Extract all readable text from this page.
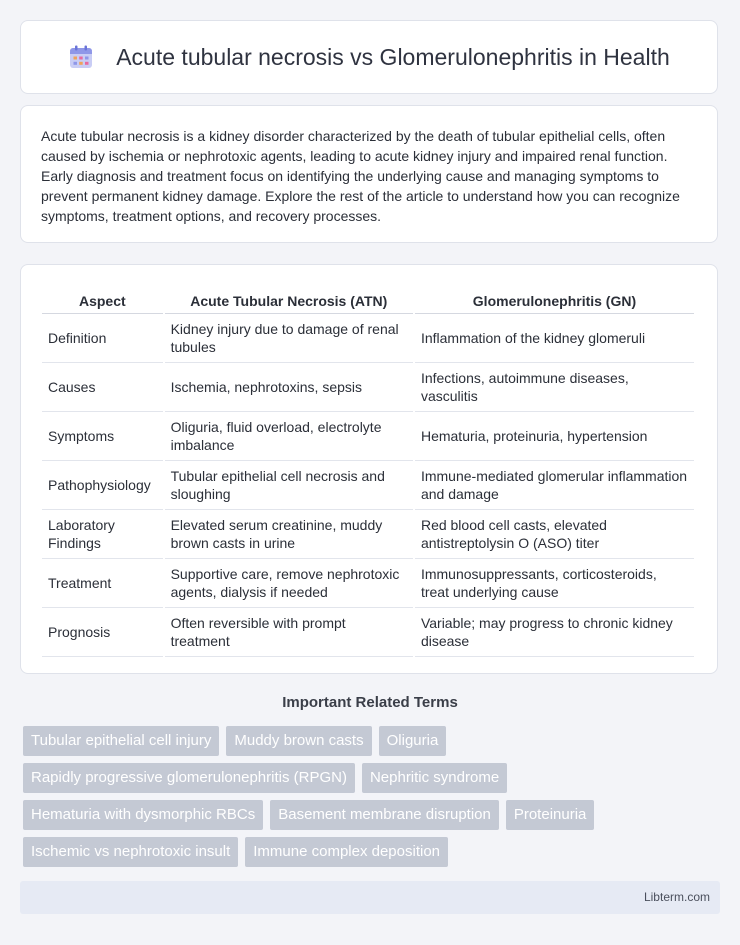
Acute tubular necrosis vs Glomerulonephritis in Health

Acute tubular necrosis is a kidney disorder characterized by the death of tubular epithelial cells, often caused by ischemia or nephrotoxic agents, leading to acute kidney injury and impaired renal function. Early diagnosis and treatment focus on identifying the underlying cause and managing symptoms to prevent permanent kidney damage. Explore the rest of the article to understand how you can recognize symptoms, treatment options, and recovery processes.

Aspect	Acute Tubular Necrosis (ATN)	Glomerulonephritis (GN)
Definition	Kidney injury due to damage of renal tubules	Inflammation of the kidney glomeruli
Causes	Ischemia, nephrotoxins, sepsis	Infections, autoimmune diseases, vasculitis
Symptoms	Oliguria, fluid overload, electrolyte imbalance	Hematuria, proteinuria, hypertension
Pathophysiology	Tubular epithelial cell necrosis and sloughing	Immune-mediated glomerular inflammation and damage
Laboratory Findings	Elevated serum creatinine, muddy brown casts in urine	Red blood cell casts, elevated antistreptolysin O (ASO) titer
Treatment	Supportive care, remove nephrotoxic agents, dialysis if needed	Immunosuppressants, corticosteroids, treat underlying cause
Prognosis	Often reversible with prompt treatment	Variable; may progress to chronic kidney disease
Important Related Terms
Tubular epithelial cell injury	Muddy brown casts	Oliguria
Rapidly progressive glomerulonephritis (RPGN)	Nephritic syndrome
Hematuria with dysmorphic RBCs	Basement membrane disruption	Proteinuria
Ischemic vs nephrotoxic insult	Immune complex deposition
Libterm.com
